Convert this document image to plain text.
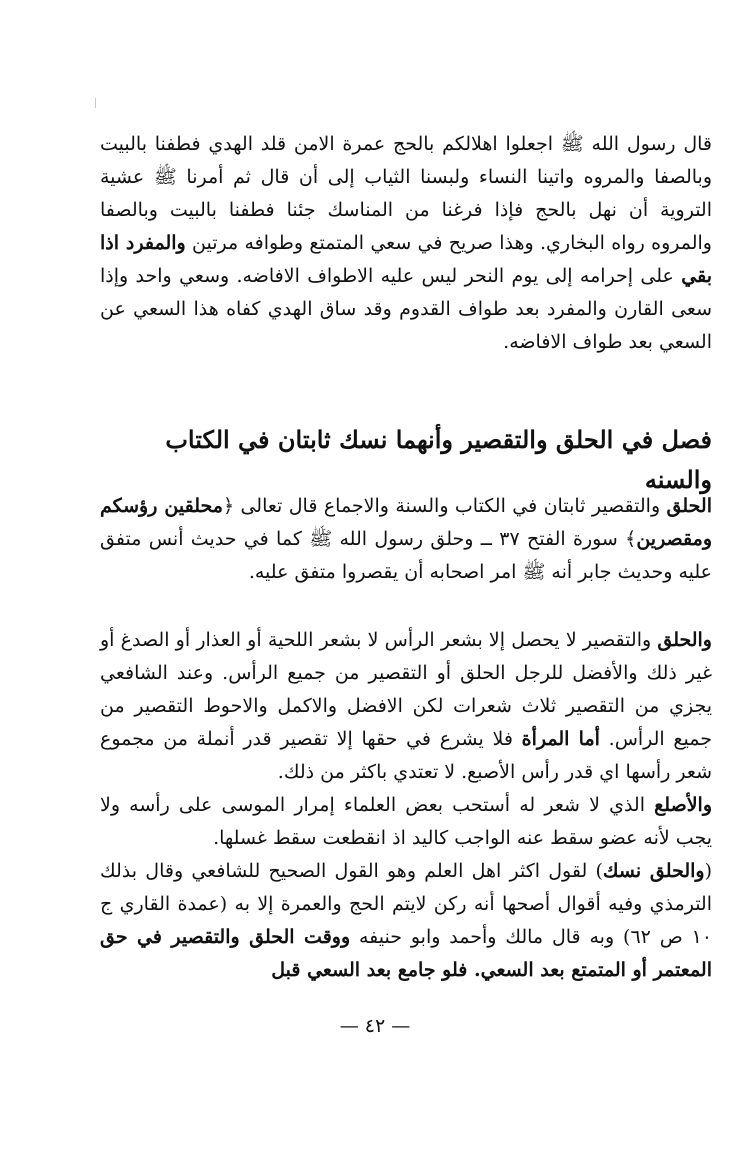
قال رسول الله ﷺ اجعلوا اهلالكم بالحج عمرة الامن قلد الهدي فطفنا بالبيت وبالصفا والمروه واتينا النساء ولبسنا الثياب إلى أن قال ثم أمرنا ﷺ عشية التروية أن نهل بالحج فإذا فرغنا من المناسك جئنا فطفنا بالبيت وبالصفا والمروه رواه البخاري. وهذا صريح في سعي المتمتع وطوافه مرتين والمفرد اذا بقي على إحرامه إلى يوم النحر ليس عليه الاطواف الافاضه. وسعي واحد وإذا سعى القارن والمفرد بعد طواف القدوم وقد ساق الهدي كفاه هذا السعي عن السعي بعد طواف الافاضه.

فصل في الحلق والتقصير وأنهما نسك ثابتان في الكتاب والسنه

الحلق والتقصير ثابتان في الكتاب والسنة والاجماع قال تعالى ﴿محلقين رؤسكم ومقصرين﴾ سورة الفتح ٣٧ ــ وحلق رسول الله ﷺ كما في حديث أنس متفق عليه وحديث جابر أنه ﷺ امر اصحابه أن يقصروا متفق عليه.

والحلق والتقصير لا يحصل إلا بشعر الرأس لا بشعر اللحية أو العذار أو الصدغ أو غير ذلك والأفضل للرجل الحلق أو التقصير من جميع الرأس. وعند الشافعي يجزي من التقصير ثلاث شعرات لكن الافضل والاكمل والاحوط التقصير من جميع الرأس. أما المرأة فلا يشرع في حقها إلا تقصير قدر أنملة من مجموع شعر رأسها اي قدر رأس الأصبع. لا تعتدي باكثر من ذلك.

والأصلع الذي لا شعر له أستحب بعض العلماء إمرار الموسى على رأسه ولا يجب لأنه عضو سقط عنه الواجب كاليد اذ انقطعت سقط غسلها.

(والحلق نسك) لقول اكثر اهل العلم وهو القول الصحيح للشافعي وقال بذلك الترمذي وفيه أقوال أصحها أنه ركن لايتم الحج والعمرة إلا به (عمدة القاري ج ١٠ ص ٦٢) وبه قال مالك وأحمد وابو حنيفه ووقت الحلق والتقصير في حق المعتمر أو المتمتع بعد السعي. فلو جامع بعد السعي قبل

— ٤٢ —
